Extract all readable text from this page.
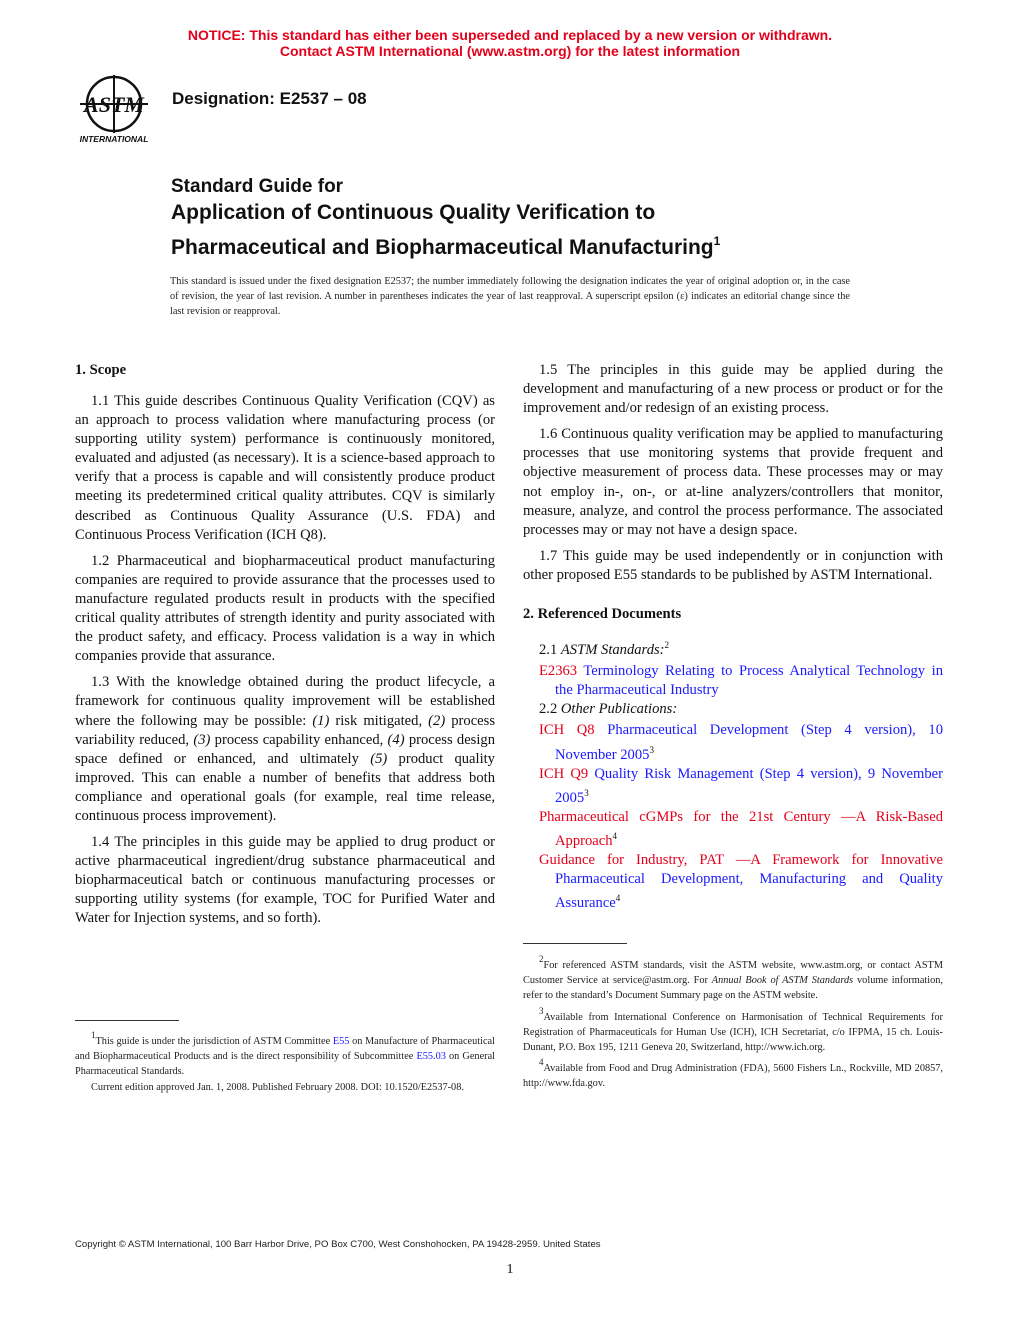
NOTICE: This standard has either been superseded and replaced by a new version or withdrawn.
Contact ASTM International (www.astm.org) for the latest information
ASTM
INTERNATIONAL
Designation: E2537 – 08
Standard Guide for
Application of Continuous Quality Verification to
Pharmaceutical and Biopharmaceutical Manufacturing$^1$
This standard is issued under the fixed designation E2537; the number immediately following the designation indicates the year of original adoption or, in the case of revision, the year of last revision. A number in parentheses indicates the year of last reapproval. A superscript epsilon (ε) indicates an editorial change since the last revision or reapproval.
1. Scope

1.1 This guide describes Continuous Quality Verification (CQV) as an approach to process validation where manufacturing process (or supporting utility system) performance is continuously monitored, evaluated and adjusted (as necessary). It is a science-based approach to verify that a process is capable and will consistently produce product meeting its predetermined critical quality attributes. CQV is similarly described as Continuous Quality Assurance (U.S. FDA) and Continuous Process Verification (ICH Q8).

1.2 Pharmaceutical and biopharmaceutical product manufacturing companies are required to provide assurance that the processes used to manufacture regulated products result in products with the specified critical quality attributes of strength identity and purity associated with the product safety, and efficacy. Process validation is a way in which companies provide that assurance.

1.3 With the knowledge obtained during the product lifecycle, a framework for continuous quality improvement will be established where the following may be possible: (1) risk mitigated, (2) process variability reduced, (3) process capability enhanced, (4) process design space defined or enhanced, and ultimately (5) product quality improved. This can enable a number of benefits that address both compliance and operational goals (for example, real time release, continuous process improvement).

1.4 The principles in this guide may be applied to drug product or active pharmaceutical ingredient/drug substance pharmaceutical and biopharmaceutical batch or continuous manufacturing processes or supporting utility systems (for example, TOC for Purified Water and Water for Injection systems, and so forth).

$^1$This guide is under the jurisdiction of ASTM Committee E55 on Manufacture of Pharmaceutical and Biopharmaceutical Products and is the direct responsibility of Subcommittee E55.03 on General Pharmaceutical Standards.

Current edition approved Jan. 1, 2008. Published February 2008. DOI: 10.1520/E2537-08.

1.5 The principles in this guide may be applied during the development and manufacturing of a new process or product or for the improvement and/or redesign of an existing process.

1.6 Continuous quality verification may be applied to manufacturing processes that use monitoring systems that provide frequent and objective measurement of process data. These processes may or may not employ in-, on-, or at-line analyzers/controllers that monitor, measure, analyze, and control the process performance. The associated processes may or may not have a design space.

1.7 This guide may be used independently or in conjunction with other proposed E55 standards to be published by ASTM International.

2. Referenced Documents

2.1 ASTM Standards:$^2$

E2363 Terminology Relating to Process Analytical Technology in the Pharmaceutical Industry

2.2 Other Publications:

ICH Q8 Pharmaceutical Development (Step 4 version), 10 November 2005$^3$

ICH Q9 Quality Risk Management (Step 4 version), 9 November 2005$^3$

Pharmaceutical cGMPs for the 21st Century —A Risk-Based Approach$^4$

Guidance for Industry, PAT —A Framework for Innovative Pharmaceutical Development, Manufacturing and Quality Assurance$^4$

$^2$For referenced ASTM standards, visit the ASTM website, www.astm.org, or contact ASTM Customer Service at service@astm.org. For Annual Book of ASTM Standards volume information, refer to the standard’s Document Summary page on the ASTM website.

$^3$Available from International Conference on Harmonisation of Technical Requirements for Registration of Pharmaceuticals for Human Use (ICH), ICH Secretariat, c/o IFPMA, 15 ch. Louis-Dunant, P.O. Box 195, 1211 Geneva 20, Switzerland, http://www.ich.org.

$^4$Available from Food and Drug Administration (FDA), 5600 Fishers Ln., Rockville, MD 20857, http://www.fda.gov.

Copyright © ASTM International, 100 Barr Harbor Drive, PO Box C700, West Conshohocken, PA 19428-2959. United States
1
